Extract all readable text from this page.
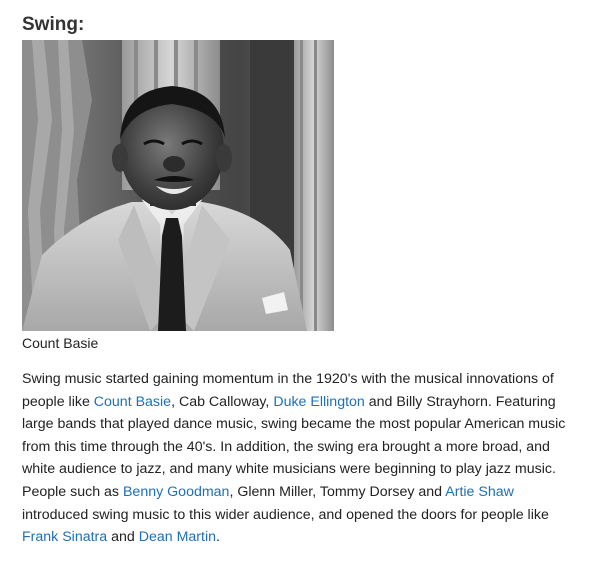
Swing:
Count Basie

Swing music started gaining momentum in the 1920's with the musical innovations of people like Count Basie, Cab Calloway, Duke Ellington and Billy Strayhorn. Featuring large bands that played dance music, swing became the most popular American music from this time through the 40's. In addition, the swing era brought a more broad, and white audience to jazz, and many white musicians were beginning to play jazz music. People such as Benny Goodman, Glenn Miller, Tommy Dorsey and Artie Shaw introduced swing music to this wider audience, and opened the doors for people like Frank Sinatra and Dean Martin.
